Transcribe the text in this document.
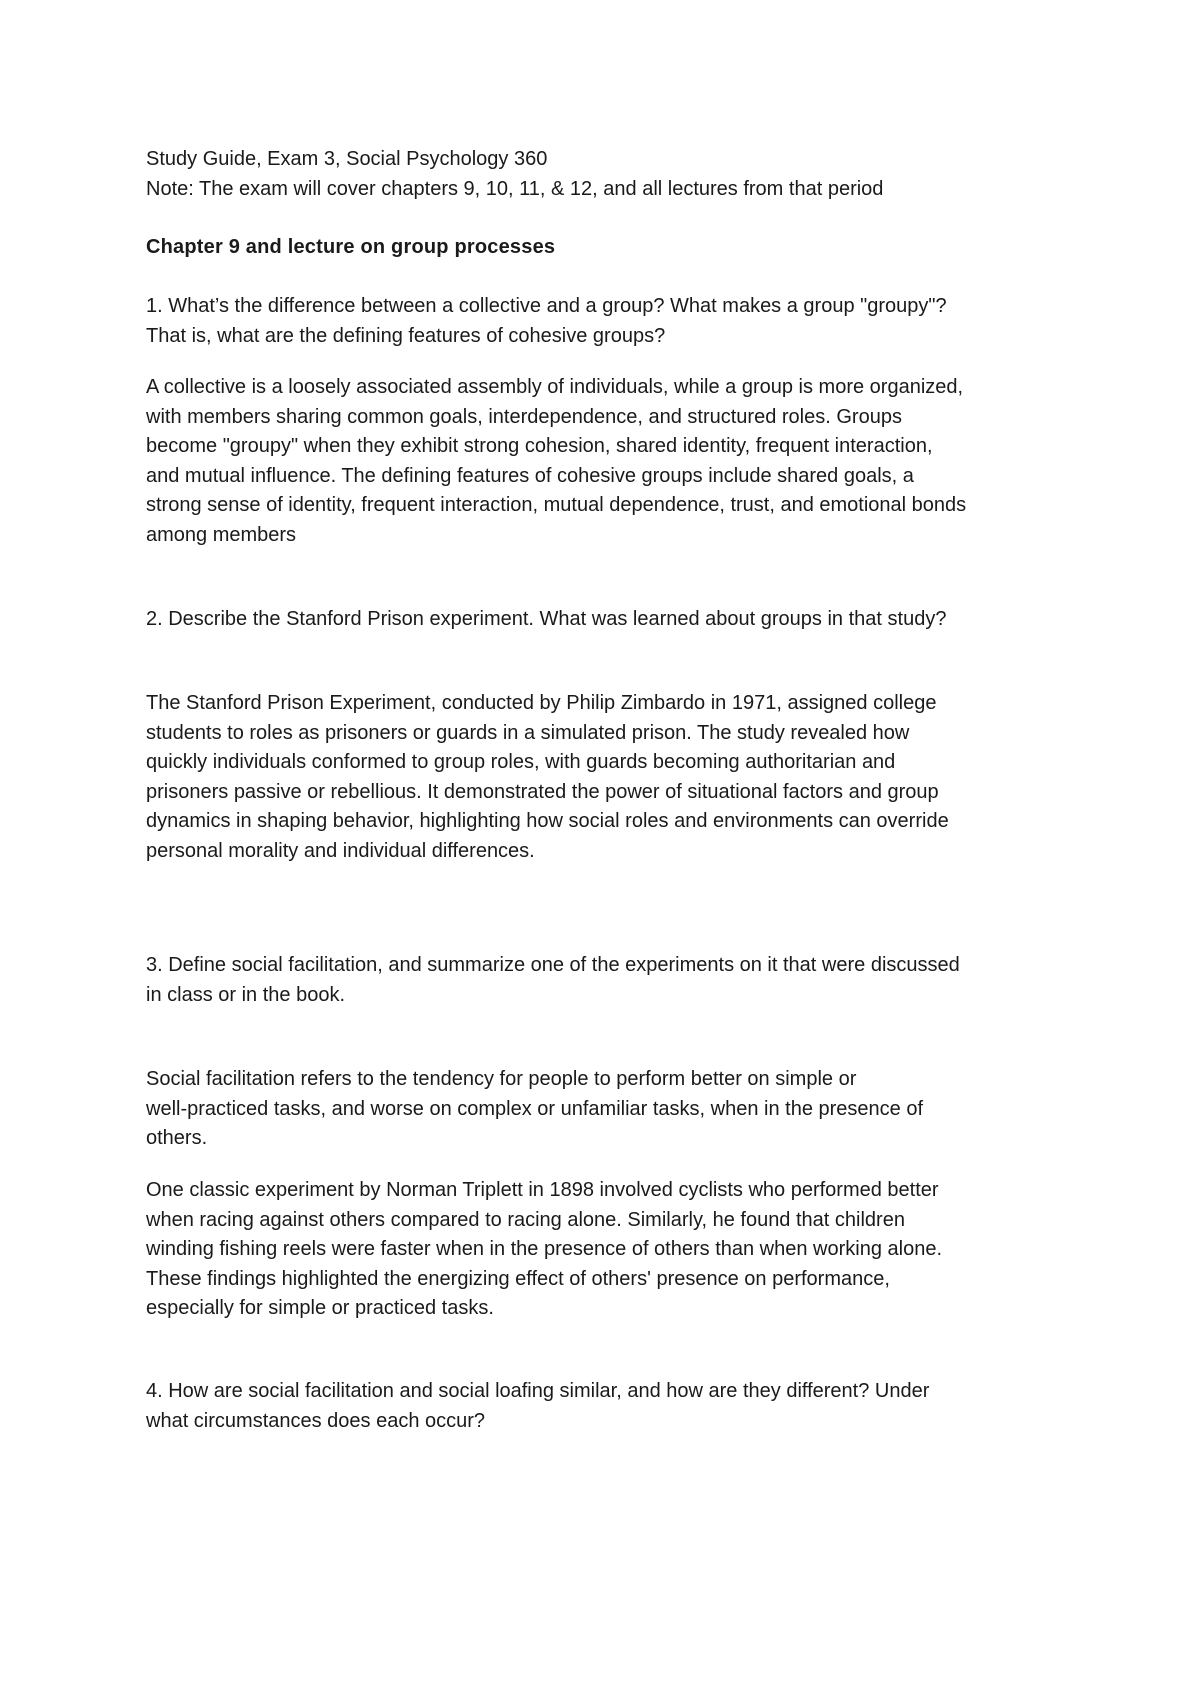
Study Guide, Exam 3, Social Psychology 360
Note: The exam will cover chapters 9, 10, 11, & 12, and all lectures from that period
Chapter 9 and lecture on group processes
1. What’s the difference between a collective and a group? What makes a group "groupy"?
That is, what are the defining features of cohesive groups?
A collective is a loosely associated assembly of individuals, while a group is more organized,
with members sharing common goals, interdependence, and structured roles. Groups
become "groupy" when they exhibit strong cohesion, shared identity, frequent interaction,
and mutual influence. The defining features of cohesive groups include shared goals, a
strong sense of identity, frequent interaction, mutual dependence, trust, and emotional bonds
among members
2. Describe the Stanford Prison experiment. What was learned about groups in that study?
The Stanford Prison Experiment, conducted by Philip Zimbardo in 1971, assigned college
students to roles as prisoners or guards in a simulated prison. The study revealed how
quickly individuals conformed to group roles, with guards becoming authoritarian and
prisoners passive or rebellious. It demonstrated the power of situational factors and group
dynamics in shaping behavior, highlighting how social roles and environments can override
personal morality and individual differences.
3. Define social facilitation, and summarize one of the experiments on it that were discussed
in class or in the book.
Social facilitation refers to the tendency for people to perform better on simple or
well-practiced tasks, and worse on complex or unfamiliar tasks, when in the presence of
others.
One classic experiment by Norman Triplett in 1898 involved cyclists who performed better
when racing against others compared to racing alone. Similarly, he found that children
winding fishing reels were faster when in the presence of others than when working alone.
These findings highlighted the energizing effect of others' presence on performance,
especially for simple or practiced tasks.
4. How are social facilitation and social loafing similar, and how are they different? Under
what circumstances does each occur?
